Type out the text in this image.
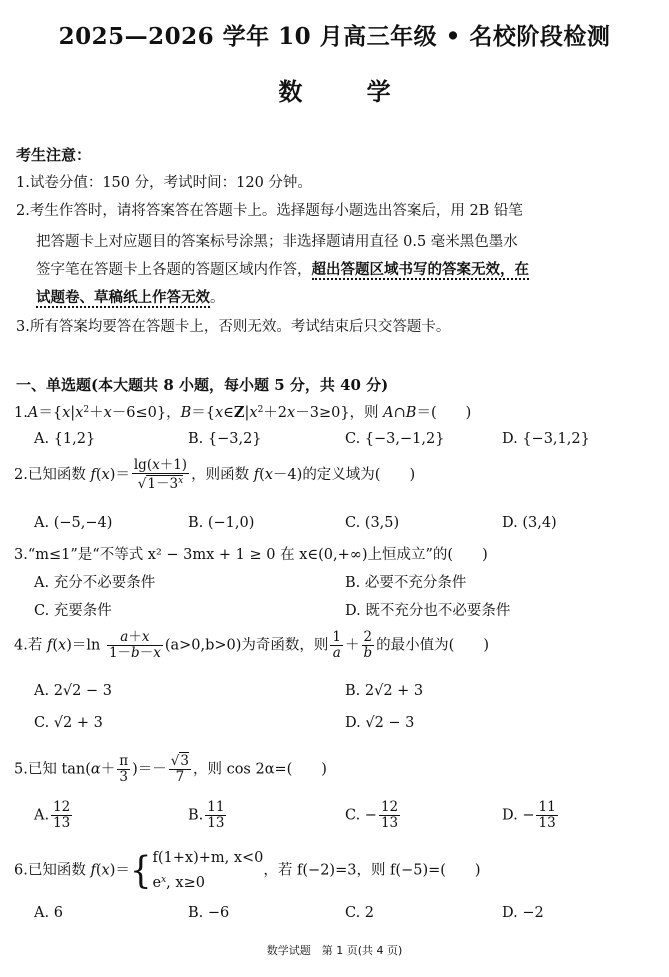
2025—2026 学年 10 月高三年级 • 名校阶段检测
数 学
考生注意：
1.试卷分值：150 分，考试时间：120 分钟。
2.考生作答时，请将答案答在答题卡上。选择题每小题选出答案后，用 2B 铅笔
把答题卡上对应题目的答案标号涂黑；非选择题请用直径 0.5 毫米黑色墨水
签字笔在答题卡上各题的答题区域内作答，超出答题区域书写的答案无效，在
试题卷、草稿纸上作答无效。
3.所有答案均要答在答题卡上，否则无效。考试结束后只交答题卡。
一、单选题(本大题共 8 小题，每小题 5 分，共 40 分)
$1.A=\{x|x^2+x-6\le 0\}$，$B=\{x\in Z|x^2+2x-3\ge 0\}$，则 A∩B＝(　　)
A. {1,2}	B. {−3,2}	C. {−3,−1,2}	D. {−3,1,2}
2.已知函数 $f(x)= \frac{\lg(x+1)}{√1-3^x}$ ，则函数 f(x－4)的定义域为(　　)
A. (−5,−4)	B. (−1,0)	C. (3,5)	D. (3,4)
3.“m≤1”是“不等式 x² − 3mx + 1 ≥ 0 在 x∈(0,+∞)上恒成立”的(　　)
A. 充分不必要条件	B. 必要不充分条件
C. 充要条件	D. 既不充分也不必要条件
4.若 $f(x)=\ln \frac{a+x}{1-b-x} (a>0,b>0)$为奇函数，则 $\frac{1}{a} + \frac{2}{b}$ 的最小值为(　　)
A. 2√2 − 3	B. 2√2 + 3
C. √2 + 3	D. √2 − 3
5.已知 $\tan(\alpha+ \frac{\pi}{3}$ )＝－ $\frac{√3}{7}$ ，则 cos 2α=(　　)
A. $\frac{12}{13}$	B. $\frac{11}{13}$	C. − $\frac{12}{13}$	D. − $\frac{11}{13}$
6.已知函数 f(x)＝{ f(1+x)+m, x<0
$e^x$, x≥0
，若 f(−2)=3，则 f(−5)=(　　)
A. 6	B. −6	C. 2	D. −2
数学试题　第 1 页(共 4 页)
